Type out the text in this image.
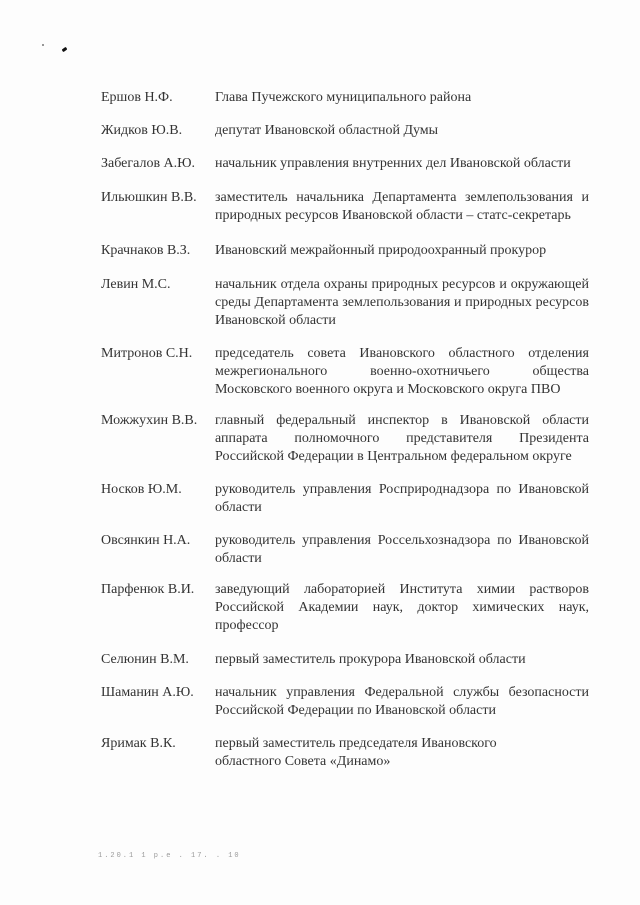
Ершов Н.Ф.	Глава Пучежского муниципального района
Жидков Ю.В. депутат Ивановской областной Думы
Забегалов А.Ю. начальник управления внутренних дел Ивановской области
Ильюшкин В.В. заместитель начальника Департамента землепользования и природных ресурсов Ивановской области – статс-секретарь
Крачнаков В.З. Ивановский межрайонный природоохранный прокурор
Левин М.С.	начальник отдела охраны природных ресурсов и окружающей среды Департамента землепользования и природных ресурсов Ивановской области
Митронов С.Н. председатель совета Ивановского областного отделения межрегионального военно-охотничьего общества Московского военного округа и Московского округа ПВО
Можжухин В.В. главный федеральный инспектор в Ивановской области аппарата полномочного представителя Президента Российской Федерации в Центральном федеральном округе
Носков Ю.М. руководитель управления Росприроднадзора по Ивановской области
Овсянкин Н.А. руководитель управления Россельхознадзора по Ивановской области
Парфенюк В.И. заведующий лабораторией Института химии растворов Российской Академии наук, доктор химических наук, профессор
Селюнин В.М. первый заместитель прокурора Ивановской области
Шаманин А.Ю. начальник управления Федеральной службы безопасности Российской Федерации по Ивановской области
Яримак В.К.	первый заместитель председателя Ивановского областного Совета «Динамо»
1.20.1 1 p.e . 17. . 10
